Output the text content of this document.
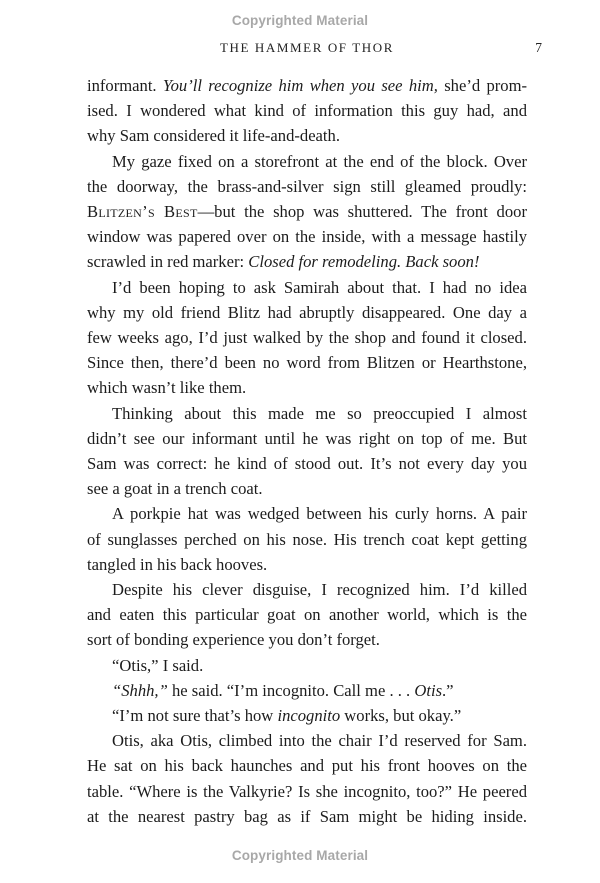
Copyrighted Material
THE HAMMER OF THOR	7
informant. You’ll recognize him when you see him, she’d prom-
ised. I wondered what kind of information this guy had, and
why Sam considered it life-and-death.
My gaze fixed on a storefront at the end of the block. Over
the doorway, the brass-and-silver sign still gleamed proudly:
Blitzen’s Best—but the shop was shuttered. The front door
window was papered over on the inside, with a message hastily
scrawled in red marker: Closed for remodeling. Back soon!
I’d been hoping to ask Samirah about that. I had no idea
why my old friend Blitz had abruptly disappeared. One day a
few weeks ago, I’d just walked by the shop and found it closed.
Since then, there’d been no word from Blitzen or Hearthstone,
which wasn’t like them.
Thinking about this made me so preoccupied I almost
didn’t see our informant until he was right on top of me. But
Sam was correct: he kind of stood out. It’s not every day you
see a goat in a trench coat.
A porkpie hat was wedged between his curly horns. A pair
of sunglasses perched on his nose. His trench coat kept getting
tangled in his back hooves.
Despite his clever disguise, I recognized him. I’d killed
and eaten this particular goat on another world, which is the
sort of bonding experience you don’t forget.
“Otis,” I said.
“Shhh,” he said. “I’m incognito. Call me . . . Otis.”
“I’m not sure that’s how incognito works, but okay.”
Otis, aka Otis, climbed into the chair I’d reserved for Sam.
He sat on his back haunches and put his front hooves on the
table. “Where is the Valkyrie? Is she incognito, too?” He peered
at the nearest pastry bag as if Sam might be hiding inside.
Copyrighted Material
